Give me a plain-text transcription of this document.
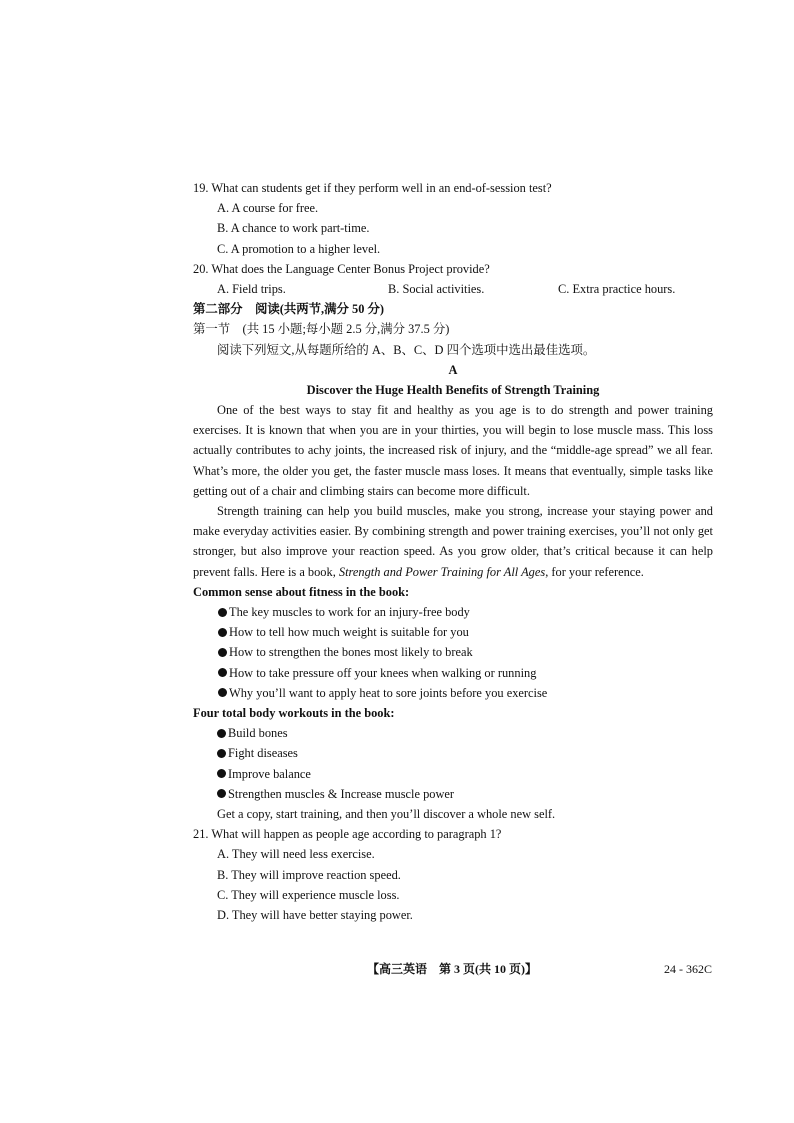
19. What can students get if they perform well in an end-of-session test?
A. A course for free.
B. A chance to work part-time.
C. A promotion to a higher level.
20. What does the Language Center Bonus Project provide?
A. Field trips.	B. Social activities.	C. Extra practice hours.
第二部分　阅读(共两节,满分 50 分)
第一节　(共 15 小题;每小题 2.5 分,满分 37.5 分)
阅读下列短文,从每题所给的 A、B、C、D 四个选项中选出最佳选项。
A
Discover the Huge Health Benefits of Strength Training
One of the best ways to stay fit and healthy as you age is to do strength and power training exercises. It is known that when you are in your thirties, you will begin to lose muscle mass. This loss actually contributes to achy joints, the increased risk of injury, and the “middle-age spread” we all fear. What’s more, the older you get, the faster muscle mass loses. It means that eventually, simple tasks like getting out of a chair and climbing stairs can become more difficult.
Strength training can help you build muscles, make you strong, increase your staying power and make everyday activities easier. By combining strength and power training exercises, you’ll not only get stronger, but also improve your reaction speed. As you grow older, that’s critical because it can help prevent falls. Here is a book, Strength and Power Training for All Ages, for your reference.
Common sense about fitness in the book:
The key muscles to work for an injury-free body
How to tell how much weight is suitable for you
How to strengthen the bones most likely to break
How to take pressure off your knees when walking or running
Why you’ll want to apply heat to sore joints before you exercise
Four total body workouts in the book:
Build bones
Fight diseases
Improve balance
Strengthen muscles & Increase muscle power
Get a copy, start training, and then you’ll discover a whole new self.
21. What will happen as people age according to paragraph 1?
A. They will need less exercise.
B. They will improve reaction speed.
C. They will experience muscle loss.
D. They will have better staying power.
【高三英语　第 3 页(共 10 页)】	24 - 362C
